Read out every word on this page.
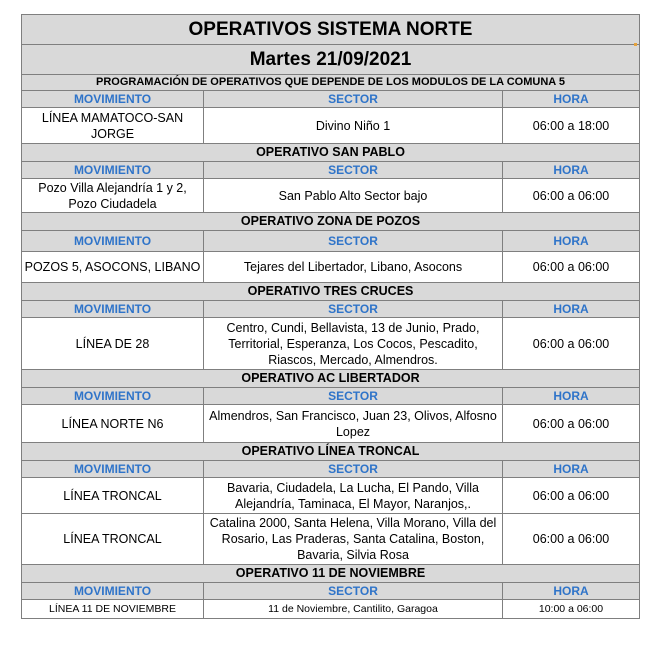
OPERATIVOS SISTEMA NORTE		
Martes 21/09/2021		
PROGRAMACIÓN DE OPERATIVOS QUE DEPENDE DE LOS MODULOS DE LA COMUNA 5		
MOVIMIENTO	SECTOR	HORA
LÍNEA MAMATOCO-SAN JORGE	Divino Niño 1	06:00 a 18:00
OPERATIVO SAN PABLO		
MOVIMIENTO	SECTOR	HORA
Pozo Villa Alejandría 1 y 2, Pozo Ciudadela	San Pablo Alto Sector bajo	06:00 a 06:00
OPERATIVO ZONA DE POZOS		
MOVIMIENTO	SECTOR	HORA
POZOS 5, ASOCONS, LIBANO	Tejares del Libertador, Libano, Asocons	06:00 a 06:00
OPERATIVO TRES CRUCES		
MOVIMIENTO	SECTOR	HORA
LÍNEA DE 28	Centro, Cundi, Bellavista, 13 de Junio, Prado, Territorial, Esperanza, Los Cocos, Pescadito, Riascos, Mercado, Almendros.	06:00 a 06:00
OPERATIVO AC LIBERTADOR		
MOVIMIENTO	SECTOR	HORA
LÍNEA NORTE N6	Almendros, San Francisco, Juan 23, Olivos, Alfosno Lopez	06:00 a 06:00
OPERATIVO LÍNEA TRONCAL		
MOVIMIENTO	SECTOR	HORA
LÍNEA TRONCAL	Bavaria, Ciudadela, La Lucha, El Pando, Villa Alejandría, Taminaca, El Mayor, Naranjos,.	06:00 a 06:00
LÍNEA TRONCAL	Catalina 2000, Santa Helena, Villa Morano, Villa del Rosario, Las Praderas, Santa Catalina, Boston, Bavaria, Silvia Rosa	06:00 a 06:00
OPERATIVO 11 DE NOVIEMBRE		
MOVIMIENTO	SECTOR	HORA
LÍNEA 11 DE NOVIEMBRE	11 de Noviembre, Cantilito, Garagoa	10:00 a 06:00
